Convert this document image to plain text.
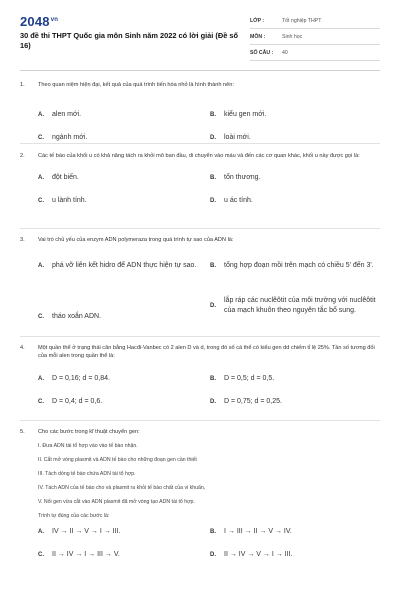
$2048^{vn}$
30 đề thi THPT Quốc gia môn Sinh năm 2022 có lời giải (Đề số 16)
LỚP :	Tốt nghiệp THPT
MÔN :	Sinh học
SỐ CÂU :	40
1.	Theo quan niệm hiện đại, kết quả của quá trình tiến hóa nhỏ là hình thành nên:
A.	alen mới.	B.	kiểu gen mới.
C.	ngành mới.	D.	loài mới.
2.	Các tế bào của khối u có khả năng tách ra khỏi mô ban đầu, di chuyển vào máu và đến các cơ quan khác, khối u này được gọi là:
A.	đột biến.	B.	tổn thương.
C.	u lành tính.	D.	u ác tính.
3.	Vai trò chủ yếu của enzym ADN polymeraza trong quá trình tự sao của ADN là:
A.	phá vỡ liên kết hidro để ADN thực hiện tự sao. B.	tổng hợp đoạn mồi trên mạch có chiều 5' đến 3'.
C.	tháo xoắn ADN.
D.
lắp ráp các nuclêôtit của môi trường với nuclêôtit của mạch khuôn theo nguyên tắc bổ sung.
4.	Một quần thể ở trạng thái cân bằng Hacđi-Vanbec có 2 alen D và d, trong đó số cá thể có kiểu gen dd chiếm tỉ lệ 25%. Tần số tương đối của mỗi alen trong quần thể là:
A.	D = 0,16; d = 0,84.	B.	D = 0,5; d = 0,5.
C.	D = 0,4; d = 0,6.	D.	D = 0,75; d = 0,25.
5.	Cho các bước trong kĩ thuật chuyển gen:
I. Đưa ADN tái tổ hợp vào vào tế bào nhận.
II. Cắt mở vòng plasmit và ADN tế bào cho những đoạn gen cần thiết
III. Tách dòng tế bào chứa ADN tái tổ hợp.
IV. Tách ADN của tế bào cho và plasmit ra khỏi tế bào chất của vi khuẩn,
V. Nối gen vừa cắt vào ADN plasmit đã mở vòng tạo ADN tái tổ hợp.
Trình tự đúng của các bước là:
A.	IV → II → V → I → III.	B.	I → III → II → V → IV.
C.	II → IV → I → III → V.	D.	II → IV → V → I → III.
